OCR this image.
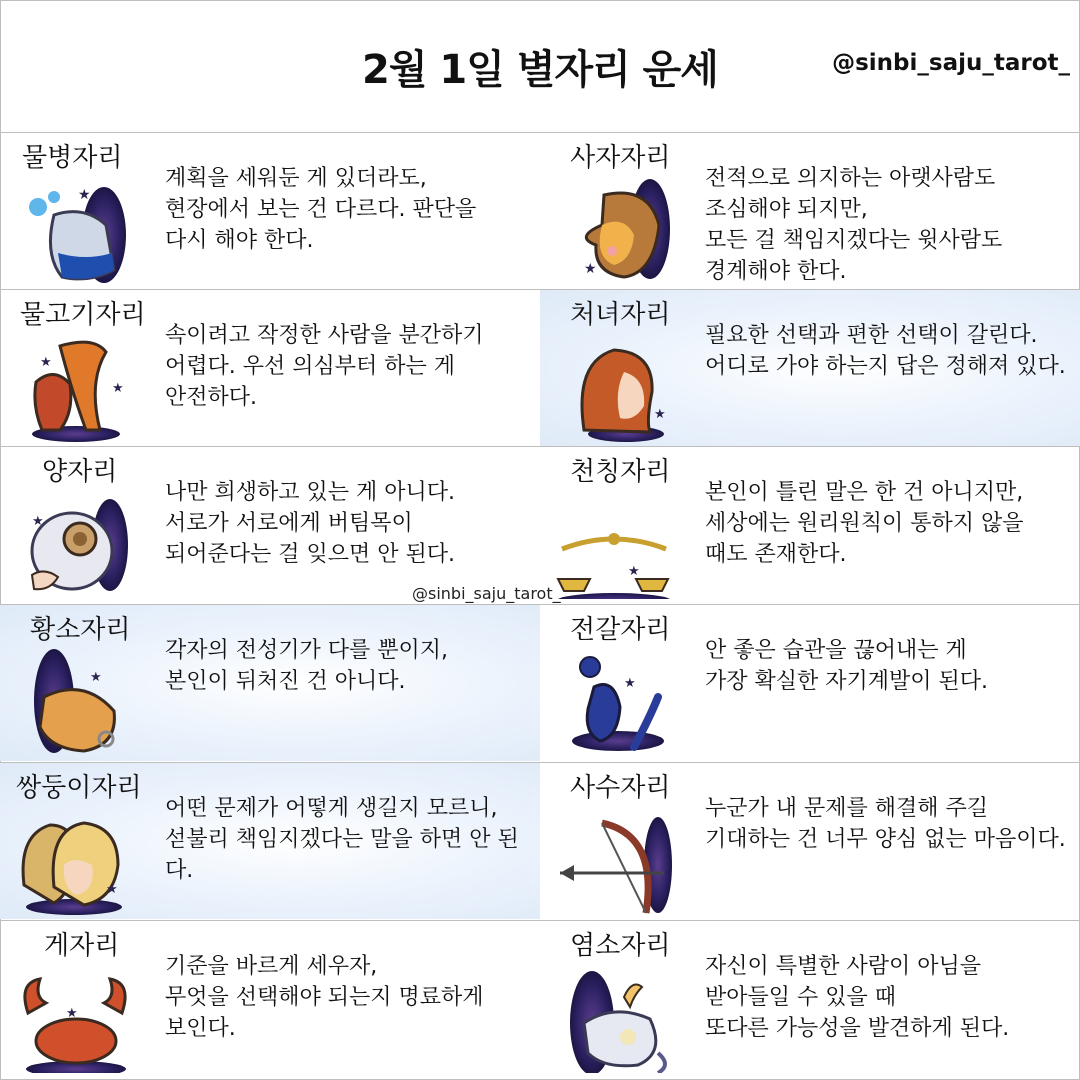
2월 1일 별자리 운세	@sinbi_saju_tarot_
물병자리
★
계획을 세워둔 게 있더라도,
현장에서 보는 건 다르다. 판단을
다시 해야 한다.
사자자리
★
전적으로 의지하는 아랫사람도
조심해야 되지만,
모든 걸 책임지겠다는 윗사람도
경계해야 한다.
물고기자리
★
★
속이려고 작정한 사람을 분간하기
어렵다. 우선 의심부터 하는 게
안전하다.
처녀자리
★
필요한 선택과 편한 선택이 갈린다.
어디로 가야 하는지 답은 정해져 있다.
양자리
★
나만 희생하고 있는 게 아니다.
서로가 서로에게 버팀목이
되어준다는 걸 잊으면 안 된다.
천칭자리
★
본인이 틀린 말은 한 건 아니지만,
세상에는 원리원칙이 통하지 않을
때도 존재한다.
@sinbi_saju_tarot_
황소자리
★
각자의 전성기가 다를 뿐이지,
본인이 뒤처진 건 아니다.
전갈자리
★
안 좋은 습관을 끊어내는 게
가장 확실한 자기계발이 된다.
쌍둥이자리
★
어떤 문제가 어떻게 생길지 모르니,
섣불리 책임지겠다는 말을 하면 안 된
다.
사수자리
누군가 내 문제를 해결해 주길
기대하는 건 너무 양심 없는 마음이다.
게자리
★
기준을 바르게 세우자,
무엇을 선택해야 되는지 명료하게
보인다.
염소자리
자신이 특별한 사람이 아님을
받아들일 수 있을 때
또다른 가능성을 발견하게 된다.
